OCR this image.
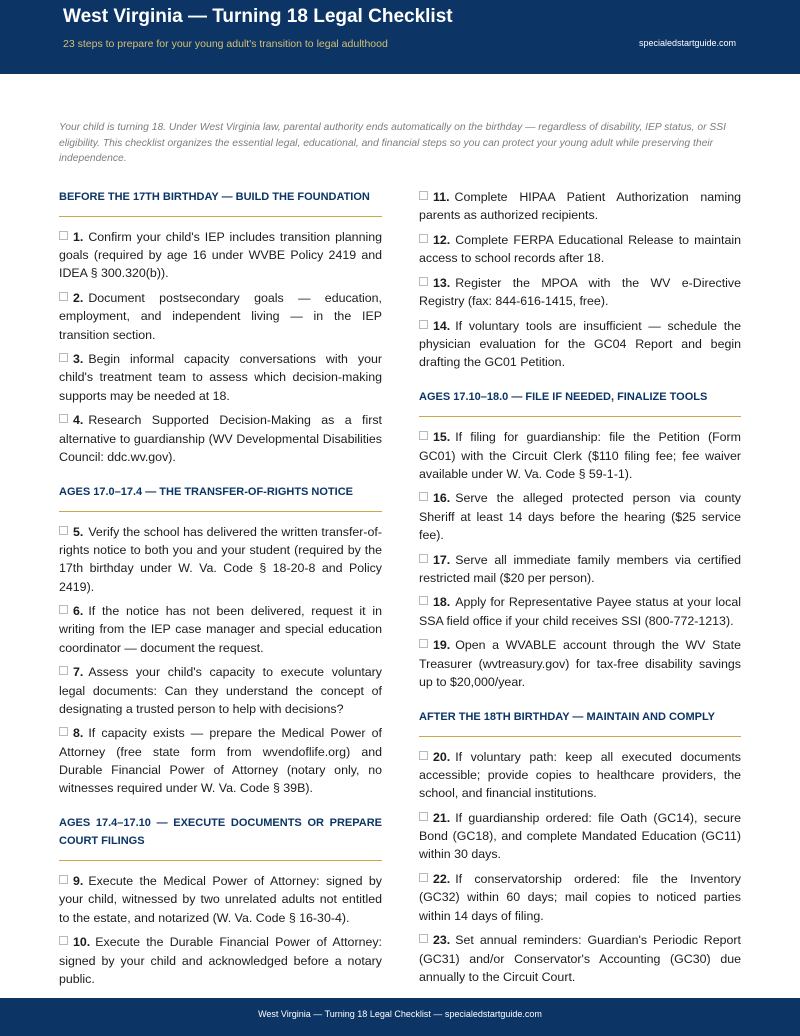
West Virginia — Turning 18 Legal Checklist
23 steps to prepare for your young adult's transition to legal adulthood	specialedstartguide.com

Your child is turning 18. Under West Virginia law, parental authority ends automatically on the birthday — regardless of disability, IEP status, or SSI eligibility. This checklist organizes the essential legal, educational, and financial steps so you can protect your young adult while preserving their independence.

BEFORE THE 17TH BIRTHDAY — BUILD THE FOUNDATION
1. Confirm your child's IEP includes transition planning goals (required by age 16 under WVBE Policy 2419 and IDEA § 300.320(b)).
2. Document postsecondary goals — education, employment, and independent living — in the IEP transition section.
3. Begin informal capacity conversations with your child's treatment team to assess which decision-making supports may be needed at 18.
4. Research Supported Decision-Making as a first alternative to guardianship (WV Developmental Disabilities Council: ddc.wv.gov).
AGES 17.0–17.4 — THE TRANSFER-OF-RIGHTS NOTICE
5. Verify the school has delivered the written transfer-of-rights notice to both you and your student (required by the 17th birthday under W. Va. Code § 18-20-8 and Policy 2419).
6. If the notice has not been delivered, request it in writing from the IEP case manager and special education coordinator — document the request.
7. Assess your child's capacity to execute voluntary legal documents: Can they understand the concept of designating a trusted person to help with decisions?
8. If capacity exists — prepare the Medical Power of Attorney (free state form from wvendoflife.org) and Durable Financial Power of Attorney (notary only, no witnesses required under W. Va. Code § 39B).
AGES 17.4–17.10 — EXECUTE DOCUMENTS OR PREPARE COURT FILINGS
9. Execute the Medical Power of Attorney: signed by your child, witnessed by two unrelated adults not entitled to the estate, and notarized (W. Va. Code § 16-30-4).
10. Execute the Durable Financial Power of Attorney: signed by your child and acknowledged before a notary public.
11. Complete HIPAA Patient Authorization naming parents as authorized recipients.
12. Complete FERPA Educational Release to maintain access to school records after 18.
13. Register the MPOA with the WV e-Directive Registry (fax: 844-616-1415, free).
14. If voluntary tools are insufficient — schedule the physician evaluation for the GC04 Report and begin drafting the GC01 Petition.
AGES 17.10–18.0 — FILE IF NEEDED, FINALIZE TOOLS
15. If filing for guardianship: file the Petition (Form GC01) with the Circuit Clerk ($110 filing fee; fee waiver available under W. Va. Code § 59-1-1).
16. Serve the alleged protected person via county Sheriff at least 14 days before the hearing ($25 service fee).
17. Serve all immediate family members via certified restricted mail ($20 per person).
18. Apply for Representative Payee status at your local SSA field office if your child receives SSI (800-772-1213).
19. Open a WVABLE account through the WV State Treasurer (wvtreasury.gov) for tax-free disability savings up to $20,000/year.
AFTER THE 18TH BIRTHDAY — MAINTAIN AND COMPLY
20. If voluntary path: keep all executed documents accessible; provide copies to healthcare providers, the school, and financial institutions.
21. If guardianship ordered: file Oath (GC14), secure Bond (GC18), and complete Mandated Education (GC11) within 30 days.
22. If conservatorship ordered: file the Inventory (GC32) within 60 days; mail copies to noticed parties within 14 days of filing.
23. Set annual reminders: Guardian's Periodic Report (GC31) and/or Conservator's Accounting (GC30) due annually to the Circuit Court.
West Virginia — Turning 18 Legal Checklist — specialedstartguide.com
